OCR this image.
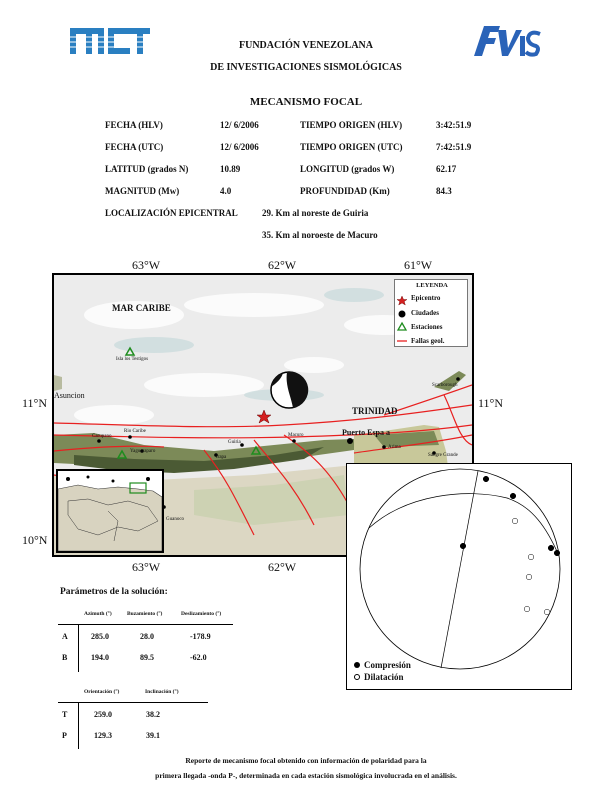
FUNDACIÓN VENEZOLANA
DE INVESTIGACIONES SISMOLÓGICAS
MECANISMO FOCAL
FECHA (HLV)	12/ 6/2006	TIEMPO ORIGEN (HLV)	3:42:51.9
FECHA (UTC)	12/ 6/2006	TIEMPO ORIGEN (UTC)	7:42:51.9
LATITUD (grados N)	10.89	LONGITUD (grados W)	62.17
MAGNITUD (Mw)	4.0	PROFUNDIDAD (Km)	84.3
LOCALIZACIÓN EPICENTRAL	29. Km al noreste de Guiria
35. Km al noroeste de Macuro
63°W	62°W	61°W
63°W	62°W
11°N
10°N
11°N
MAR CARIBE
TRINIDAD
Isla los Testigos
Asuncion
Scarborough
Carupano
Rio Caribe
Yaguaraparo
Irapa
Guiria
Macuro	Puerto Espa a
Arima
Sangre Grande
Guanoco
LEYENDA
Epicentro
Ciudades
Estaciones
Fallas geol.
Compresión
Dilatación
Parámetros de la solución:
Azimuth (°)	Buzamiento (°)	Deslizamiento (°)
A	285.0	28.0	-178.9
B	194.0	89.5	-62.0
Orientación (°)	Inclinación (°)
T	259.0	38.2
P	129.3	39.1
Reporte de mecanismo focal obtenido con información de polaridad para la
primera llegada -onda P-, determinada en cada estación sismológica involucrada en el análisis.
